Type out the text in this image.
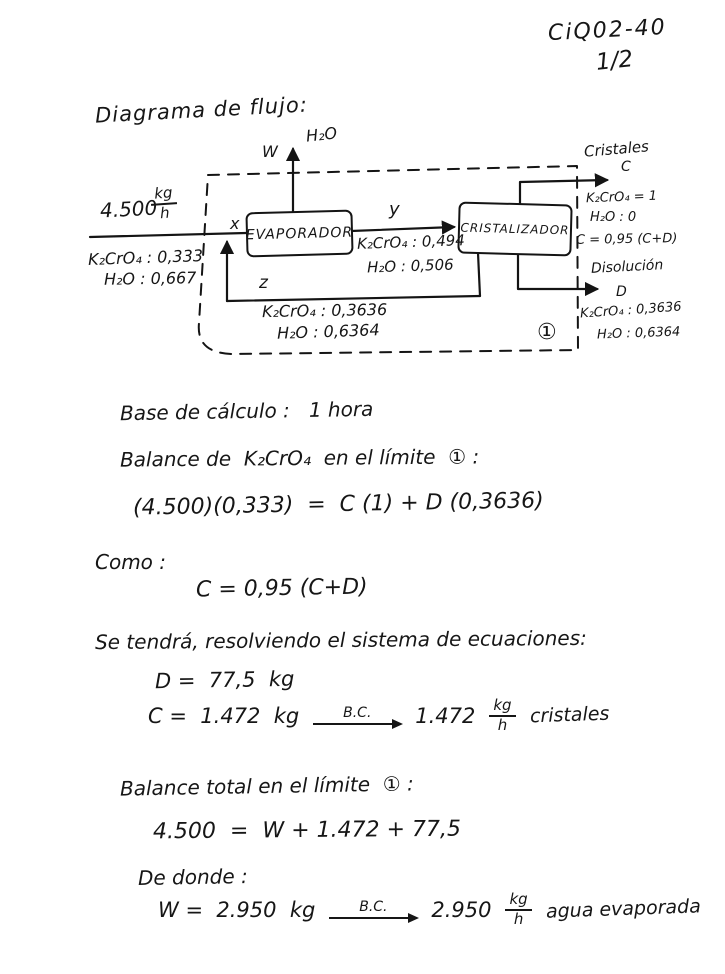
CiQ02-40
1/2
Diagrama de flujo:
EVAPORADOR	CRISTALIZADOR
4.500
$\frac{kg}{h}$
x
K₂CrO₄ : 0,333
H₂O : 0,667
W
H₂O
y
K₂CrO₄ : 0,494
H₂O : 0,506
z
K₂CrO₄ : 0,3636
H₂O : 0,6364
Cristales
C
K₂CrO₄ = 1
H₂O : 0
C = 0,95 (C+D)
Disolución
D
K₂CrO₄ : 0,3636
H₂O : 0,6364
①
Base de cálculo :   1 hora
Balance de  K₂CrO₄  en el límite  ① :
(4.500)(0,333)  =  C (1) + D (0,3636)
Como :
C = 0,95 (C+D)
Se tendrá, resolviendo el sistema de ecuaciones:
D =  77,5  kg
C =  1.472  kg	B.C. $1.472 \frac{kg}{h}$ cristales
Balance total en el límite  ① :
4.500  =  W + 1.472 + 77,5
De donde :
W =  2.950  kg	B.C. $2.950 \frac{kg}{h}$ agua evaporada
